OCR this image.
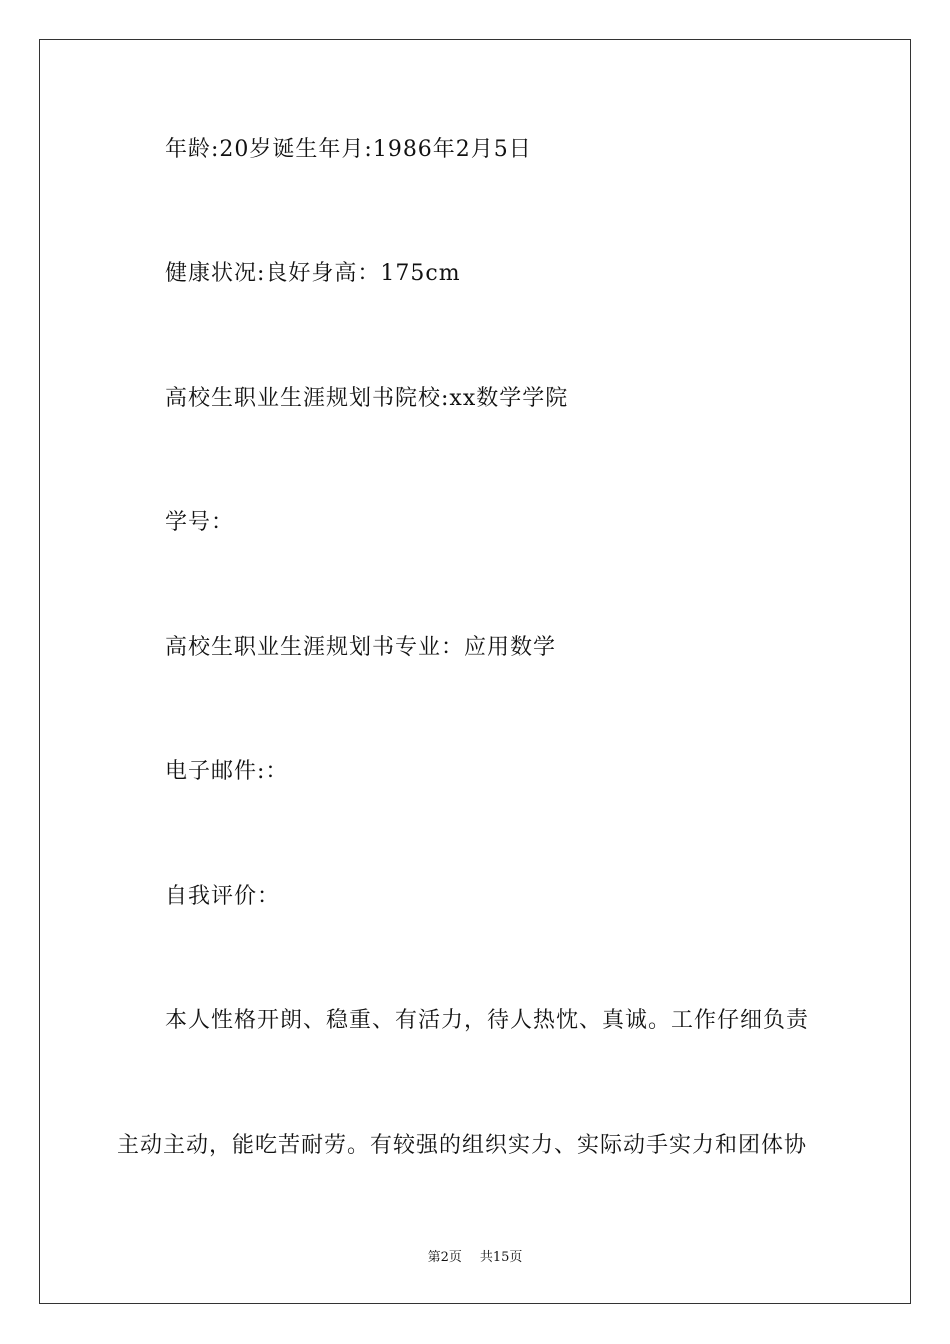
年龄:20岁诞生年月:1986年2月5日
健康状况:良好身高：175cm
高校生职业生涯规划书院校:xx数学学院
学号：
高校生职业生涯规划书专业：应用数学
电子邮件:：
自我评价：
本人性格开朗、稳重、有活力，待人热忱、真诚。工作仔细负责
主动主动，能吃苦耐劳。有较强的组织实力、实际动手实力和团体协
第2页 共15页
